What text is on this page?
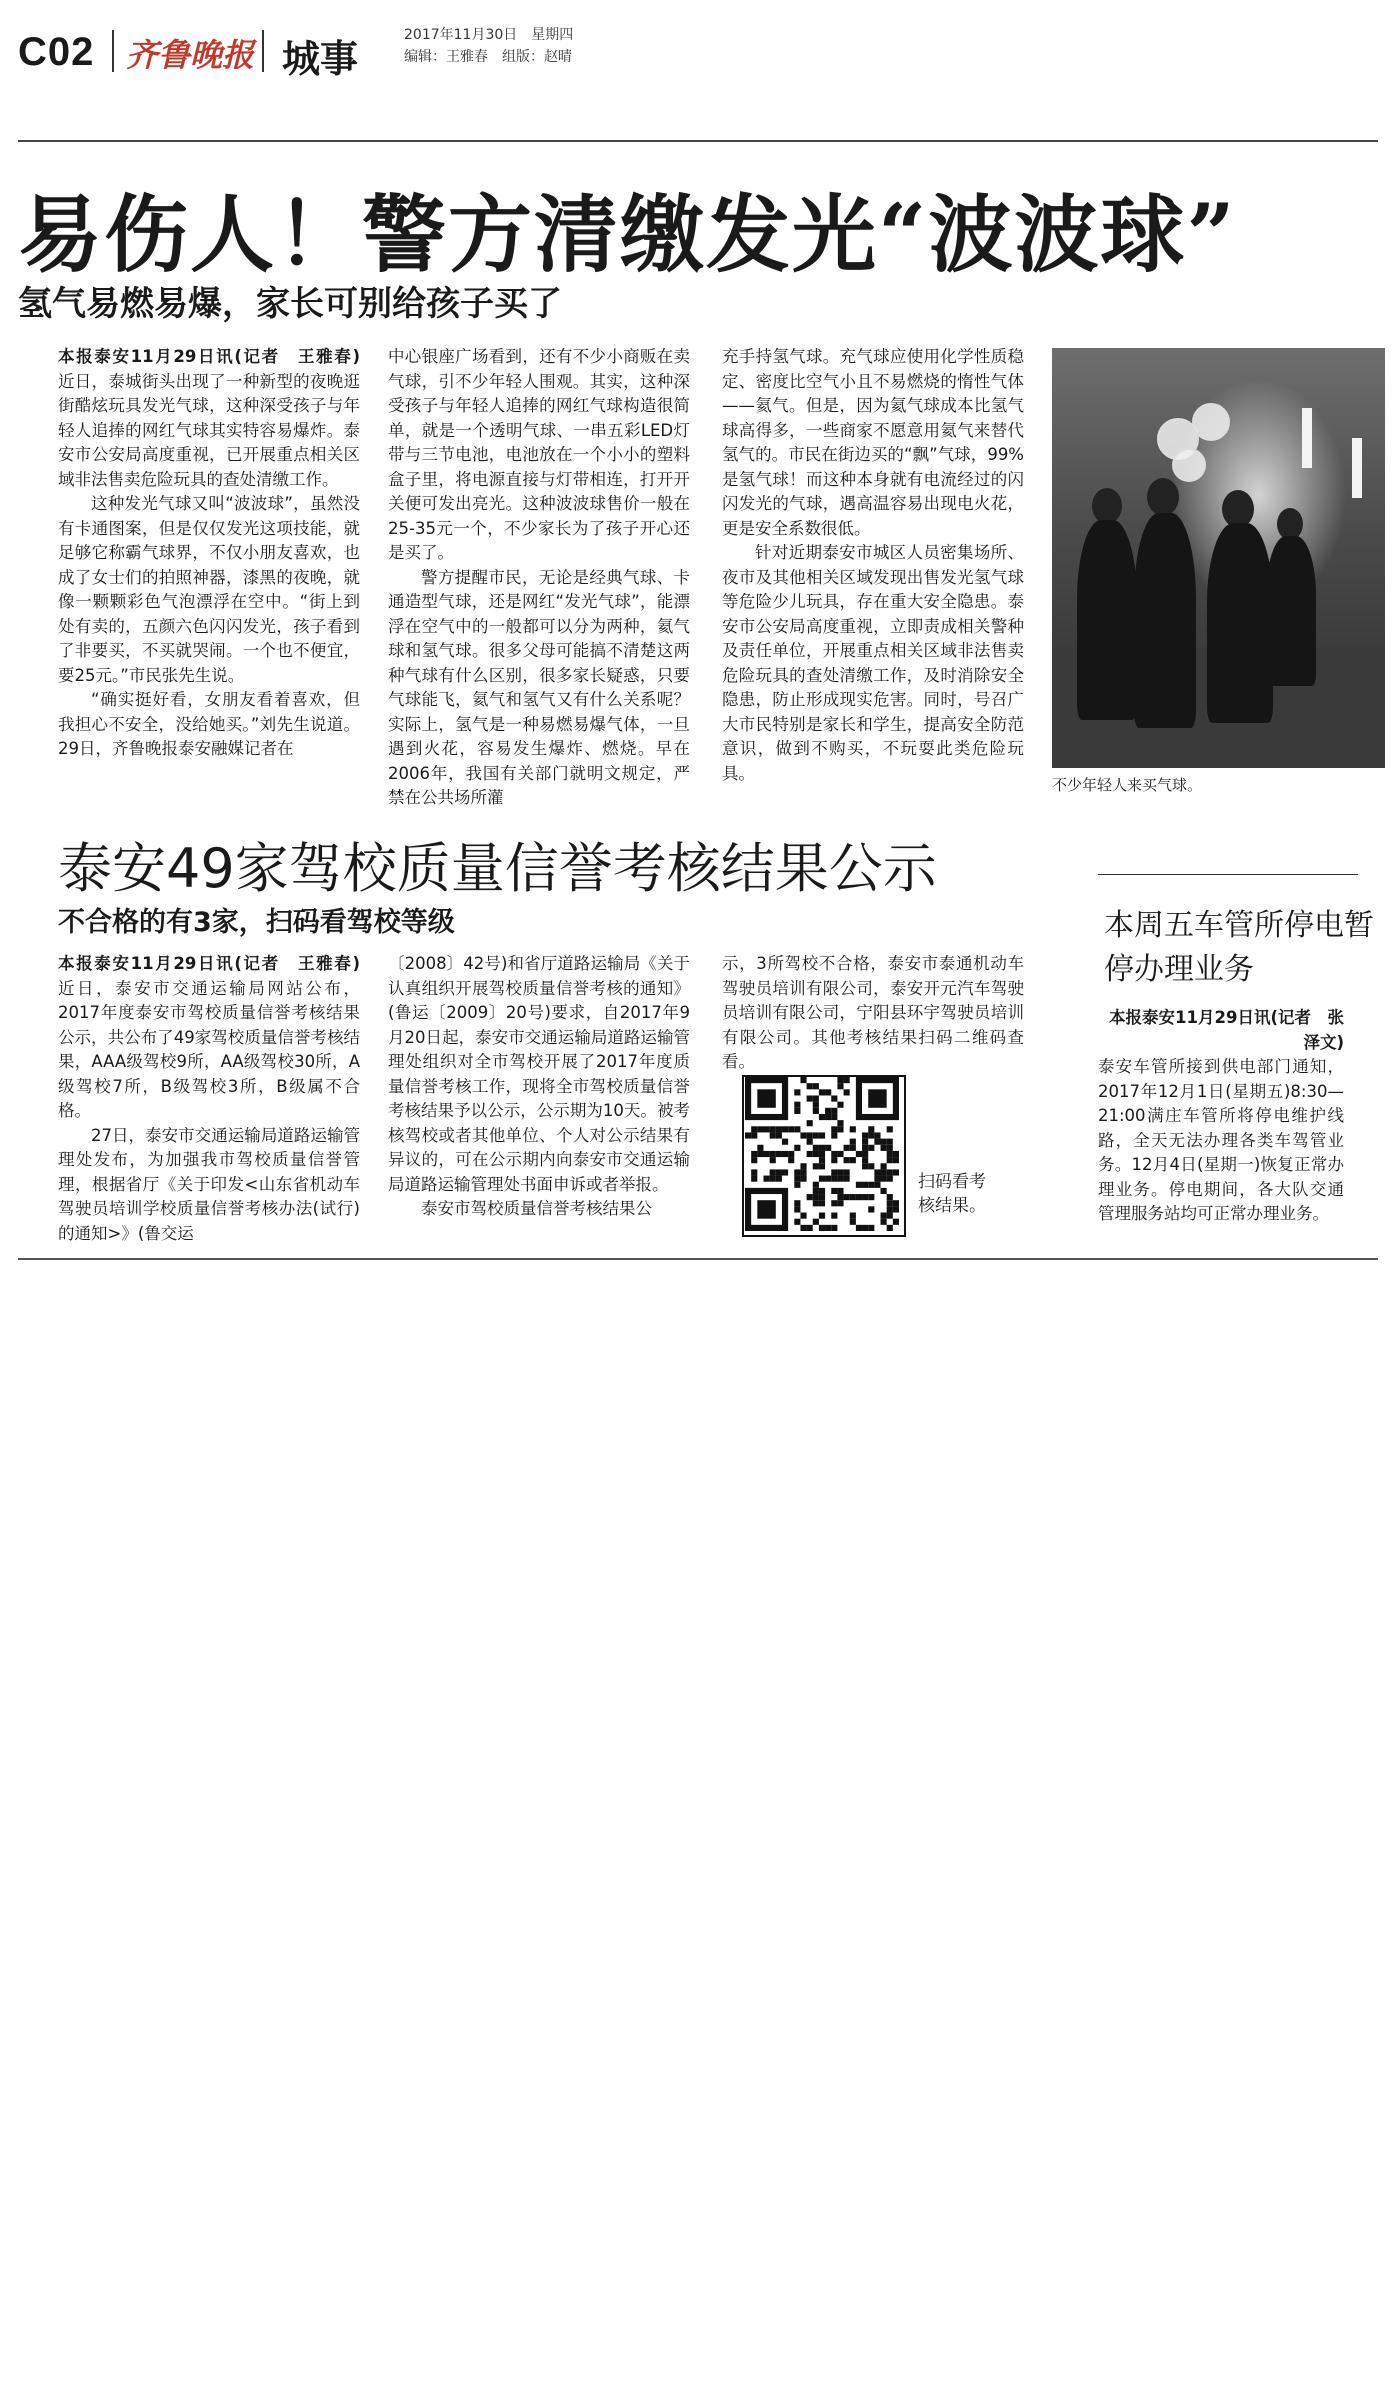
C02 齐鲁晚报 城事
2017年11月30日　星期四
编辑：王雅春　组版：赵晴
易伤人！警方清缴发光“波波球”
氢气易燃易爆，家长可别给孩子买了

本报泰安11月29日讯(记者　王雅春)　近日，泰城街头出现了一种新型的夜晚逛街酷炫玩具发光气球，这种深受孩子与年轻人追捧的网红气球其实特容易爆炸。泰安市公安局高度重视，已开展重点相关区域非法售卖危险玩具的查处清缴工作。

这种发光气球又叫“波波球”，虽然没有卡通图案，但是仅仅发光这项技能，就足够它称霸气球界，不仅小朋友喜欢，也成了女士们的拍照神器，漆黑的夜晚，就像一颗颗彩色气泡漂浮在空中。“街上到处有卖的，五颜六色闪闪发光，孩子看到了非要买，不买就哭闹。一个也不便宜，要25元。”市民张先生说。

“确实挺好看，女朋友看着喜欢，但我担心不安全，没给她买。”刘先生说道。29日，齐鲁晚报泰安融媒记者在

中心银座广场看到，还有不少小商贩在卖气球，引不少年轻人围观。其实，这种深受孩子与年轻人追捧的网红气球构造很简单，就是一个透明气球、一串五彩LED灯带与三节电池，电池放在一个小小的塑料盒子里，将电源直接与灯带相连，打开开关便可发出亮光。这种波波球售价一般在25-35元一个，不少家长为了孩子开心还是买了。

警方提醒市民，无论是经典气球、卡通造型气球，还是网红“发光气球”，能漂浮在空气中的一般都可以分为两种，氦气球和氢气球。很多父母可能搞不清楚这两种气球有什么区别，很多家长疑惑，只要气球能飞，氦气和氢气又有什么关系呢？实际上，氢气是一种易燃易爆气体，一旦遇到火花，容易发生爆炸、燃烧。早在2006年，我国有关部门就明文规定，严禁在公共场所灌

充手持氢气球。充气球应使用化学性质稳定、密度比空气小且不易燃烧的惰性气体——氦气。但是，因为氦气球成本比氢气球高得多，一些商家不愿意用氦气来替代氢气的。市民在街边买的“飘”气球，99%是氢气球！而这种本身就有电流经过的闪闪发光的气球，遇高温容易出现电火花，更是安全系数很低。

针对近期泰安市城区人员密集场所、夜市及其他相关区域发现出售发光氢气球等危险少儿玩具，存在重大安全隐患。泰安市公安局高度重视，立即责成相关警种及责任单位，开展重点相关区域非法售卖危险玩具的查处清缴工作，及时消除安全隐患，防止形成现实危害。同时，号召广大市民特别是家长和学生，提高安全防范意识，做到不购买，不玩耍此类危险玩具。

不少年轻人来买气球。
泰安49家驾校质量信誉考核结果公示
不合格的有3家，扫码看驾校等级

本报泰安11月29日讯(记者　王雅春)　近日，泰安市交通运输局网站公布，2017年度泰安市驾校质量信誉考核结果公示，共公布了49家驾校质量信誉考核结果，AAA级驾校9所，AA级驾校30所，A级驾校7所，B级驾校3所，B级属不合格。

27日，泰安市交通运输局道路运输管理处发布，为加强我市驾校质量信誉管理，根据省厅《关于印发<山东省机动车驾驶员培训学校质量信誉考核办法(试行)的通知>》(鲁交运

〔2008〕42号)和省厅道路运输局《关于认真组织开展驾校质量信誉考核的通知》(鲁运〔2009〕20号)要求，自2017年9月20日起，泰安市交通运输局道路运输管理处组织对全市驾校开展了2017年度质量信誉考核工作，现将全市驾校质量信誉考核结果予以公示，公示期为10天。被考核驾校或者其他单位、个人对公示结果有异议的，可在公示期内向泰安市交通运输局道路运输管理处书面申诉或者举报。

泰安市驾校质量信誉考核结果公

示，3所驾校不合格，泰安市泰通机动车驾驶员培训有限公司，泰安开元汽车驾驶员培训有限公司，宁阳县环宇驾驶员培训有限公司。其他考核结果扫码二维码查看。

扫码看考核结果。
本周五车管所停电暂停办理业务

本报泰安11月29日讯(记者　张泽文)

泰安车管所接到供电部门通知，2017年12月1日(星期五)8:30—21:00满庄车管所将停电维护线路，全天无法办理各类车驾管业务。12月4日(星期一)恢复正常办理业务。停电期间，各大队交通管理服务站均可正常办理业务。
